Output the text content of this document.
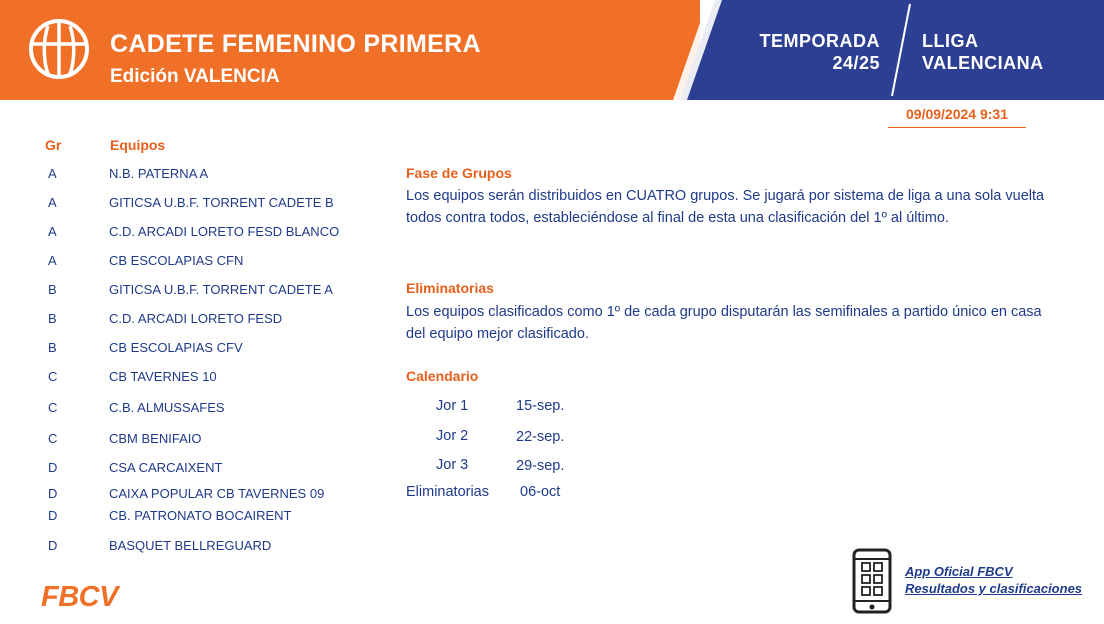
CADETE FEMENINO PRIMERA
Edición VALENCIA
TEMPORADA
24/25
LLIGA
VALENCIANA
09/09/2024 9:31
Gr	Equipos
A	N.B. PATERNA A
A	GITICSA U.B.F. TORRENT CADETE B
A	C.D. ARCADI LORETO FESD BLANCO
A	CB ESCOLAPIAS CFN
B	GITICSA U.B.F. TORRENT CADETE A
B	C.D. ARCADI LORETO FESD
B	CB ESCOLAPIAS CFV
C	CB TAVERNES 10
C	C.B. ALMUSSAFES
C	CBM BENIFAIO
D	CSA CARCAIXENT
D	CAIXA POPULAR CB TAVERNES 09
D	CB. PATRONATO BOCAIRENT
D	BASQUET BELLREGUARD
Fase de Grupos
Los equipos serán distribuidos en CUATRO grupos. Se jugará por sistema de liga a una sola vuelta todos contra todos, estableciéndose al final de esta una clasificación del 1º al último.
Eliminatorias
Los equipos clasificados como 1º de cada grupo disputarán las semifinales a partido único en casa del equipo mejor clasificado.
Calendario
Jor 1	15-sep.
Jor 2	22-sep.
Jor 3	29-sep.
Eliminatorias 06-oct
FBCV
App Oficial FBCV
Resultados y clasificaciones
